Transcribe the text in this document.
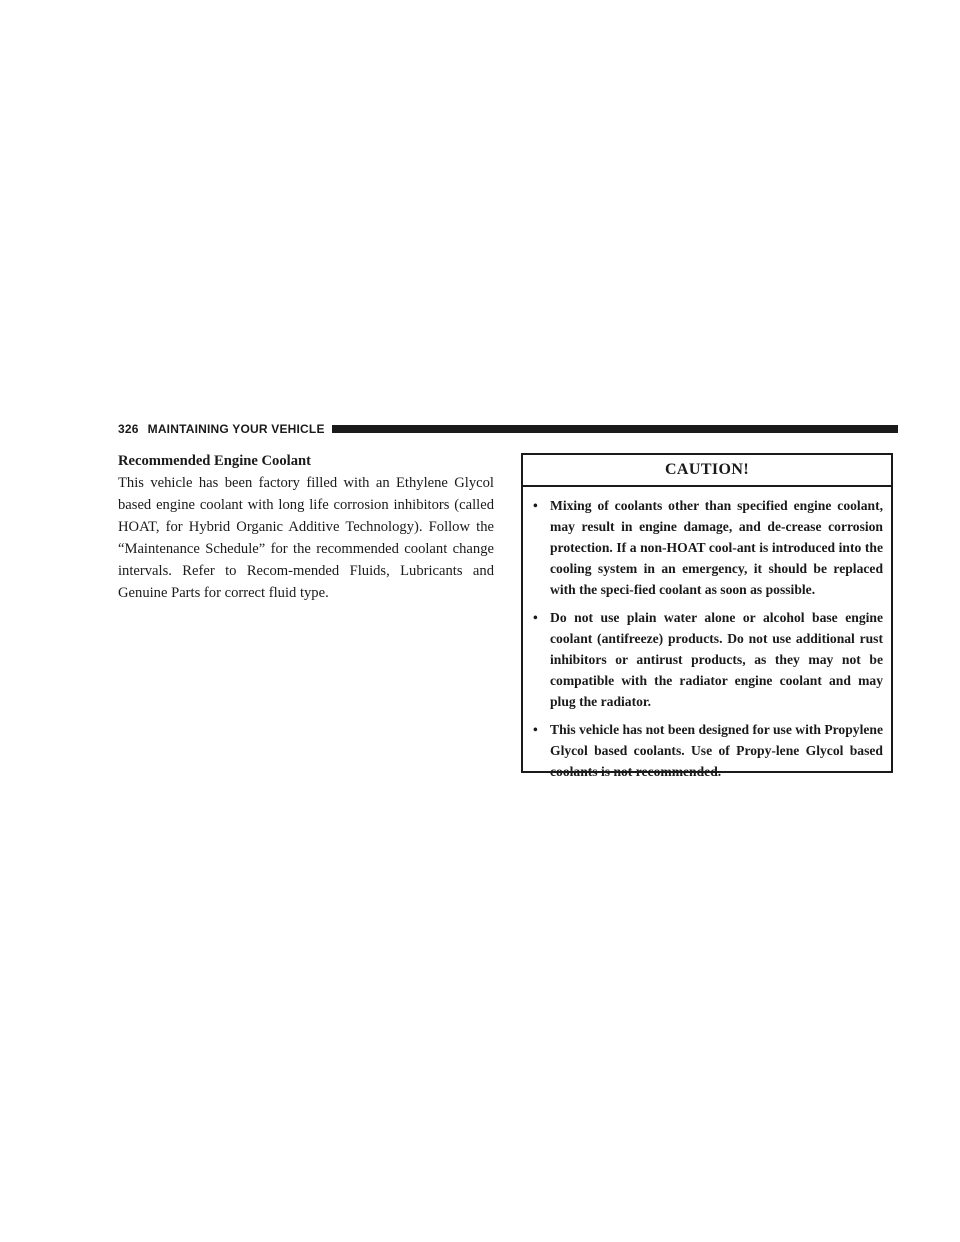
326 MAINTAINING YOUR VEHICLE
Recommended Engine Coolant

This vehicle has been factory filled with an Ethylene Glycol based engine coolant with long life corrosion inhibitors (called HOAT, for Hybrid Organic Additive Technology). Follow the “Maintenance Schedule” for the recommended coolant change intervals. Refer to Recom-mended Fluids, Lubricants and Genuine Parts for correct fluid type.

CAUTION!
• Mixing of coolants other than specified engine coolant, may result in engine damage, and de-crease corrosion protection. If a non-HOAT cool-ant is introduced into the cooling system in an emergency, it should be replaced with the speci-fied coolant as soon as possible.
• Do not use plain water alone or alcohol base engine coolant (antifreeze) products. Do not use additional rust inhibitors or antirust products, as they may not be compatible with the radiator engine coolant and may plug the radiator.
• This vehicle has not been designed for use with Propylene Glycol based coolants. Use of Propy-lene Glycol based coolants is not recommended.
